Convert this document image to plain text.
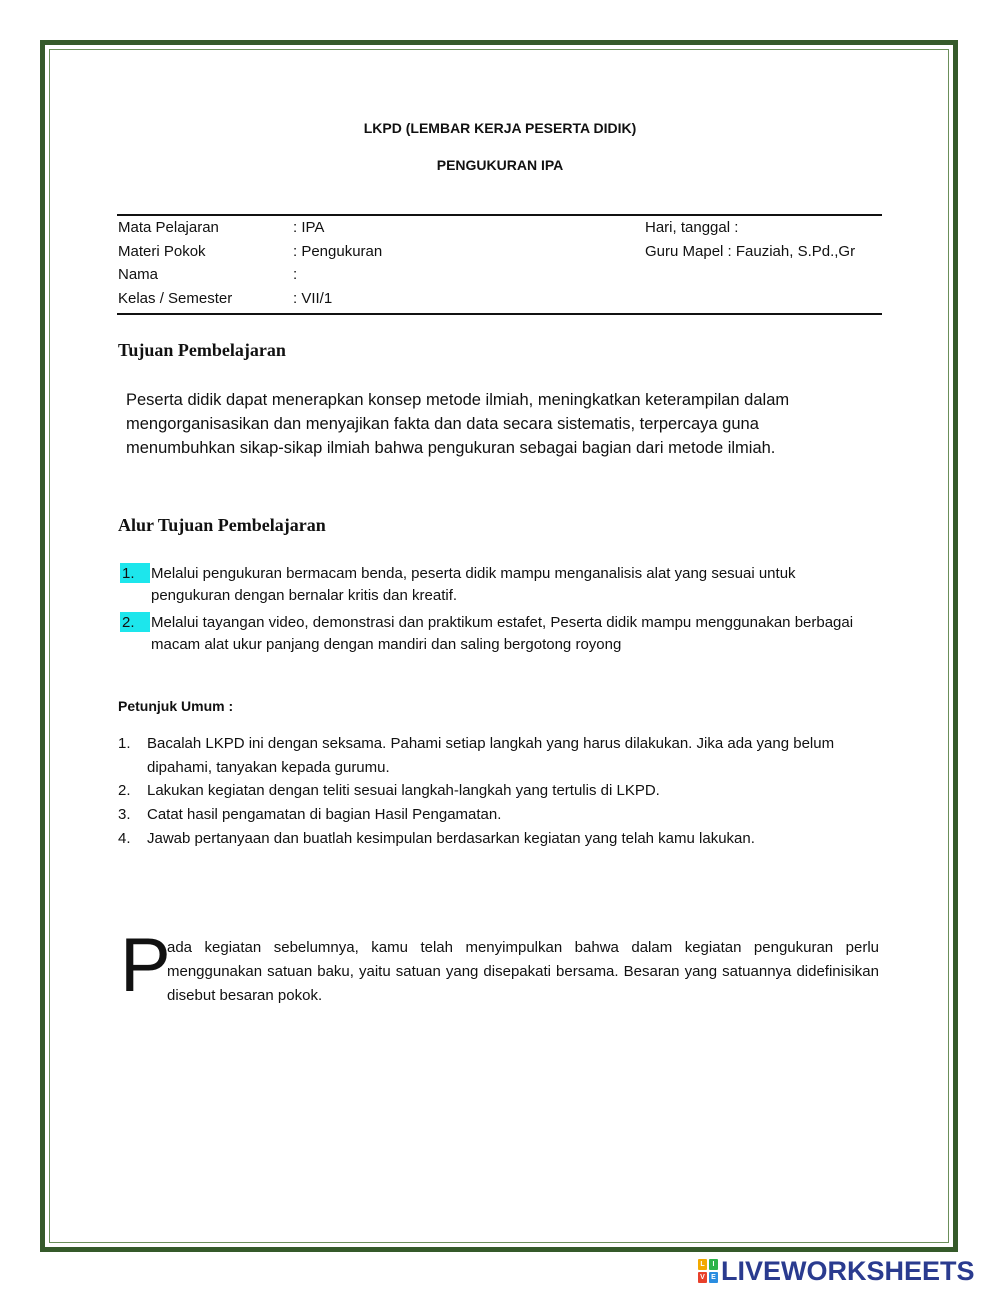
LKPD (LEMBAR KERJA PESERTA DIDIK)
PENGUKURAN IPA
Mata Pelajaran	: IPA	Hari, tanggal :
Materi Pokok	: Pengukuran	Guru Mapel : Fauziah, S.Pd.,Gr
Nama	:
Kelas / Semester	: VII/1
Tujuan Pembelajaran
Peserta didik dapat menerapkan konsep metode ilmiah, meningkatkan keterampilan dalam
mengorganisasikan dan menyajikan fakta dan data secara sistematis, terpercaya guna
menumbuhkan sikap-sikap ilmiah bahwa pengukuran sebagai bagian dari metode ilmiah.
Alur Tujuan Pembelajaran
1.	Melalui pengukuran bermacam benda, peserta didik mampu menganalisis alat yang sesuai untuk
pengukuran dengan bernalar kritis dan kreatif.
2.	Melalui tayangan video, demonstrasi dan praktikum estafet, Peserta didik mampu menggunakan berbagai
macam alat ukur panjang dengan mandiri dan saling bergotong royong
Petunjuk Umum :
1. Bacalah LKPD ini dengan seksama. Pahami setiap langkah yang harus dilakukan. Jika ada yang belum
dipahami, tanyakan kepada gurumu.
2. Lakukan kegiatan dengan teliti sesuai langkah-langkah yang tertulis di LKPD.
3. Catat hasil pengamatan di bagian Hasil Pengamatan.
4. Jawab pertanyaan dan buatlah kesimpulan berdasarkan kegiatan yang telah kamu lakukan.
P
ada kegiatan sebelumnya, kamu telah menyimpulkan bahwa dalam kegiatan pengukuran perlu menggunakan satuan baku, yaitu satuan yang disepakati bersama. Besaran yang satuannya didefinisikan disebut besaran pokok.
L	I
V E LIVEWORKSHEETS
